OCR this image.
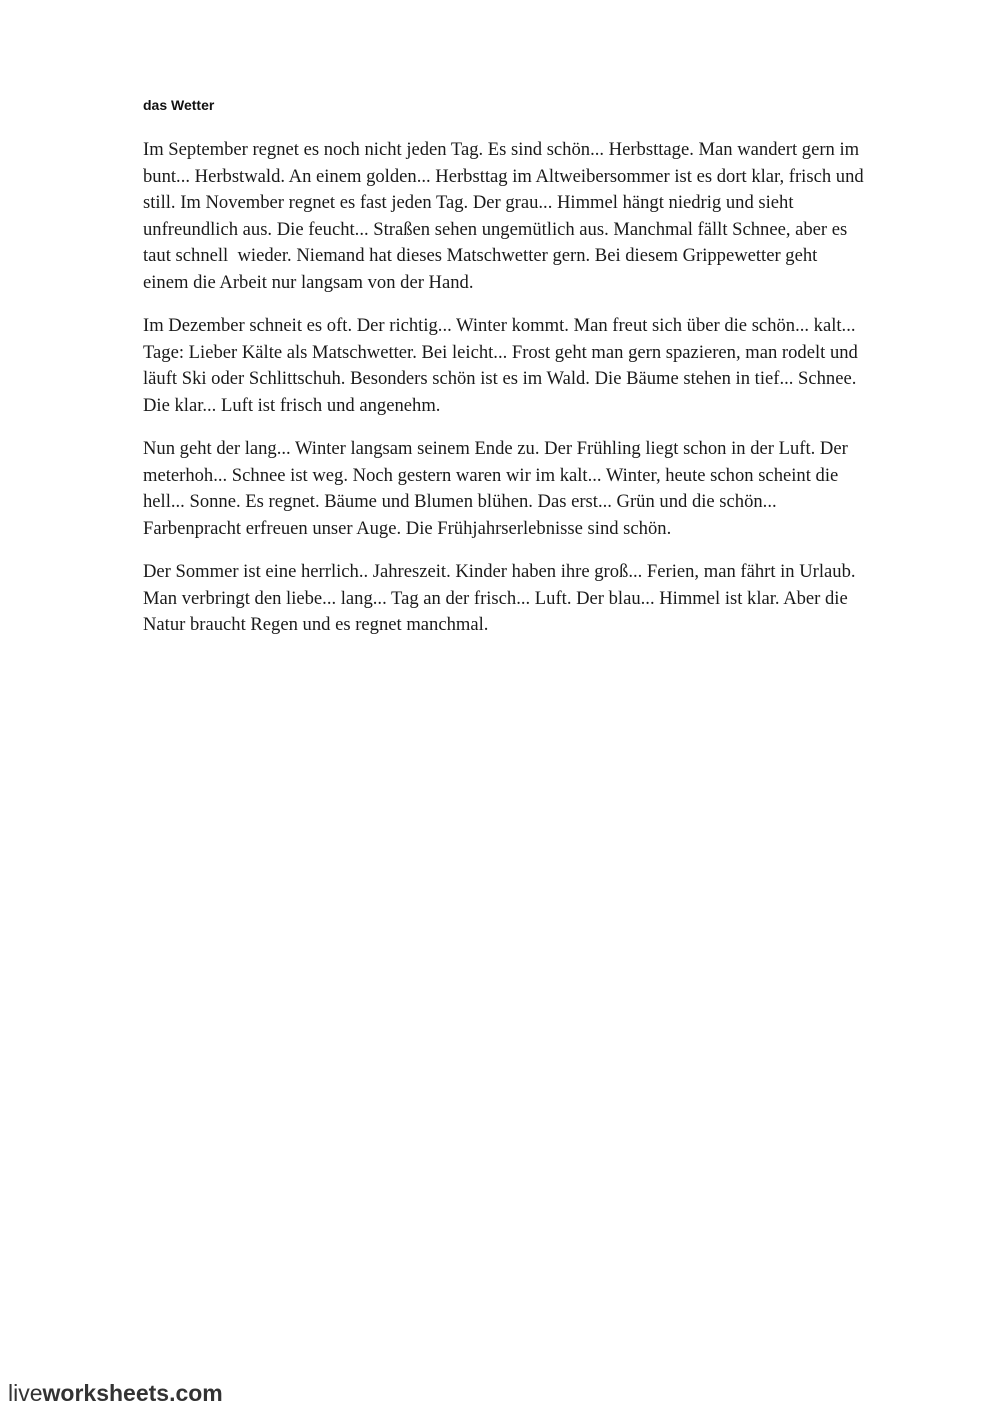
das Wetter

Im September regnet es noch nicht jeden Tag. Es sind schön... Herbsttage. Man wandert gern im
bunt... Herbstwald. An einem golden... Herbsttag im Altweibersommer ist es dort klar, frisch und
still. Im November regnet es fast jeden Tag. Der grau... Himmel hängt niedrig und sieht
unfreundlich aus. Die feucht... Straßen sehen ungemütlich aus. Manchmal fällt Schnee, aber es
taut schnell  wieder. Niemand hat dieses Matschwetter gern. Bei diesem Grippewetter geht
einem die Arbeit nur langsam von der Hand.

Im Dezember schneit es oft. Der richtig... Winter kommt. Man freut sich über die schön... kalt...
Tage: Lieber Kälte als Matschwetter. Bei leicht... Frost geht man gern spazieren, man rodelt und
läuft Ski oder Schlittschuh. Besonders schön ist es im Wald. Die Bäume stehen in tief... Schnee.
Die klar... Luft ist frisch und angenehm.

Nun geht der lang... Winter langsam seinem Ende zu. Der Frühling liegt schon in der Luft. Der
meterhoh... Schnee ist weg. Noch gestern waren wir im kalt... Winter, heute schon scheint die
hell... Sonne. Es regnet. Bäume und Blumen blühen. Das erst... Grün und die schön...
Farbenpracht erfreuen unser Auge. Die Frühjahrserlebnisse sind schön.

Der Sommer ist eine herrlich.. Jahreszeit. Kinder haben ihre groß... Ferien, man fährt in Urlaub.
Man verbringt den liebe... lang... Tag an der frisch... Luft. Der blau... Himmel ist klar. Aber die
Natur braucht Regen und es regnet manchmal.

liveworksheets.com
